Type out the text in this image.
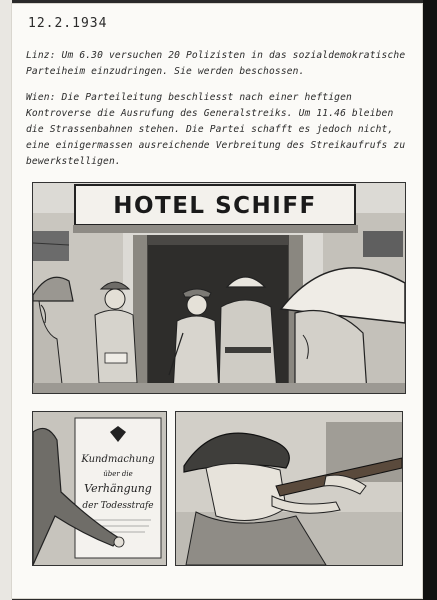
12.2.1934
Linz: Um 6.30 versuchen 20 Polizisten in das sozialdemokratische Parteiheim einzudringen. Sie werden beschossen.
Wien: Die Parteileitung beschliesst nach einer heftigen Kontroverse die Ausrufung des Generalstreiks. Um 11.46 bleiben die Strassenbahnen stehen. Die Partei schafft es jedoch nicht, eine einigermassen ausreichende Verbreitung des Streikaufrufs zu bewerkstelligen.
HOTEL SCHIFF
Kundmachung
über die
Verhängung
der Todesstrafe
